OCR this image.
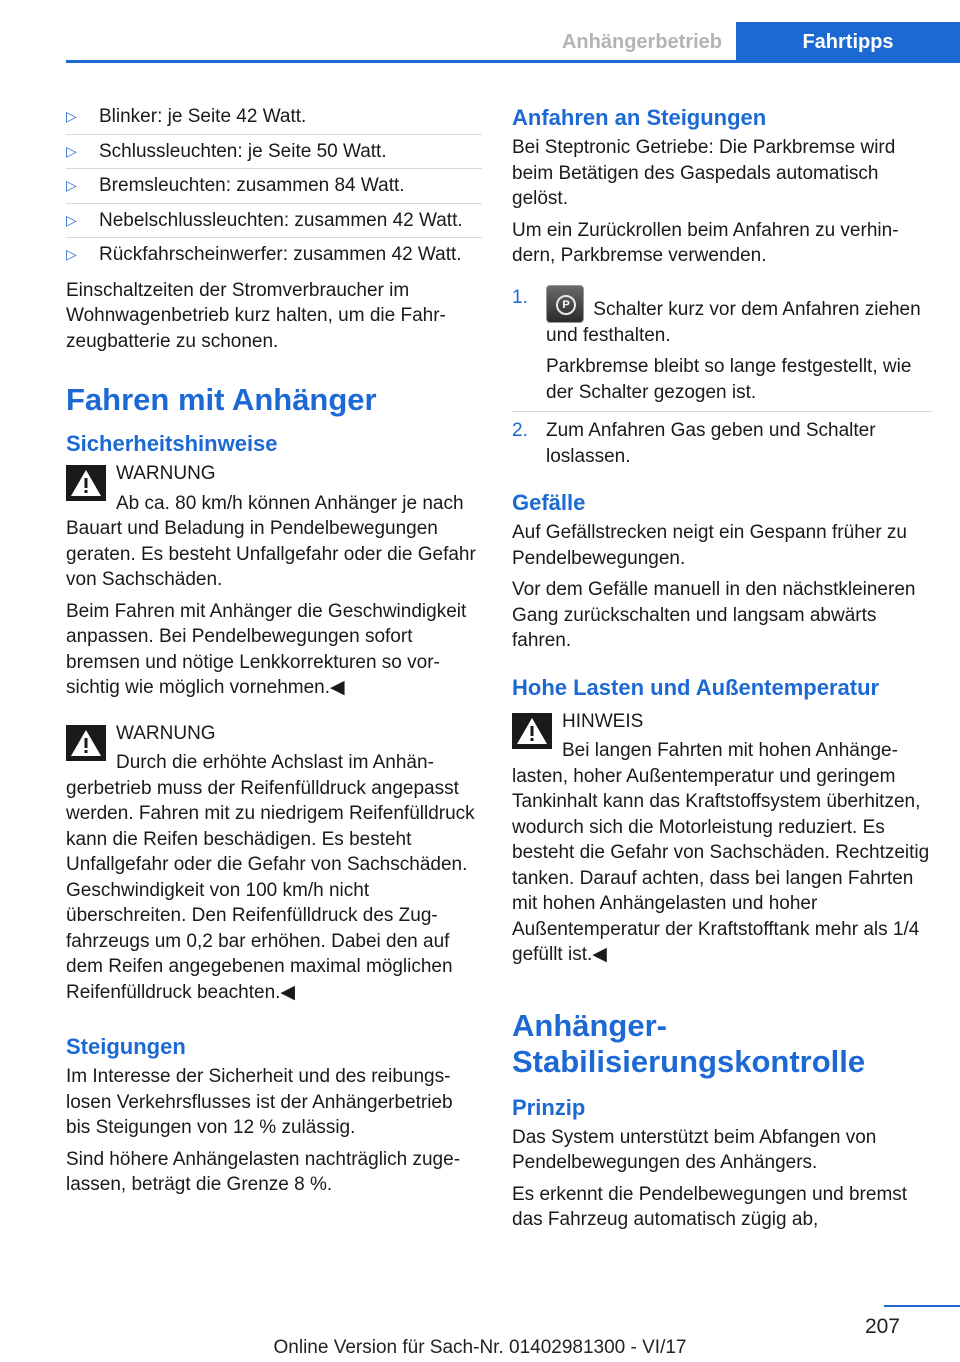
Anhängerbetrieb	Fahrtipps
▷ Blinker: je Seite 42 Watt.
▷ Schlussleuchten: je Seite 50 Watt.
▷ Bremsleuchten: zusammen 84 Watt.
▷ Nebelschlussleuchten: zusammen 42 Watt.
▷ Rückfahrscheinwerfer: zusammen 42 Watt.

Einschaltzeiten der Stromverbraucher im Wohnwagenbetrieb kurz halten, um die Fahrzeugbatterie zu schonen.

Fahren mit Anhänger
Sicherheitshinweise
WARNUNG

Ab ca. 80 km/h können Anhänger je nach Bauart und Beladung in Pendelbewegungen geraten. Es besteht Unfallgefahr oder die Gefahr von Sachschäden.

Beim Fahren mit Anhänger die Geschwindigkeit anpassen. Bei Pendelbewegungen sofort bremsen und nötige Lenkkorrekturen so vorsichtig wie möglich vornehmen.◀

WARNUNG

Durch die erhöhte Achslast im Anhängerbetrieb muss der Reifenfülldruck angepasst werden. Fahren mit zu niedrigem Reifenfülldruck kann die Reifen beschädigen. Es besteht Unfallgefahr oder die Gefahr von Sachschäden. Geschwindigkeit von 100 km/h nicht überschreiten. Den Reifenfülldruck des Zugfahrzeugs um 0,2 bar erhöhen. Dabei den auf dem Reifen angegebenen maximal möglichen Reifenfülldruck beachten.◀

Steigungen

Im Interesse der Sicherheit und des reibungslosen Verkehrsflusses ist der Anhängerbetrieb bis Steigungen von 12 % zulässig.

Sind höhere Anhängelasten nachträglich zugelassen, beträgt die Grenze 8 %.

Anfahren an Steigungen

Bei Steptronic Getriebe: Die Parkbremse wird beim Betätigen des Gaspedals automatisch gelöst.

Um ein Zurückrollen beim Anfahren zu verhindern, Parkbremse verwenden.

1.	P	Schalter kurz vor dem Anfahren ziehen und festhalten.
Parkbremse bleibt so lange festgestellt, wie der Schalter gezogen ist.
2. Zum Anfahren Gas geben und Schalter loslassen.
Gefälle

Auf Gefällstrecken neigt ein Gespann früher zu Pendelbewegungen.

Vor dem Gefälle manuell in den nächstkleineren Gang zurückschalten und langsam abwärts fahren.

Hohe Lasten und Außentemperatur
HINWEIS

Bei langen Fahrten mit hohen Anhängelasten, hoher Außentemperatur und geringem Tankinhalt kann das Kraftstoffsystem überhitzen, wodurch sich die Motorleistung reduziert. Es besteht die Gefahr von Sachschäden. Rechtzeitig tanken. Darauf achten, dass bei langen Fahrten mit hohen Anhängelasten und hoher Außentemperatur der Kraftstofftank mehr als 1/4 gefüllt ist.◀

Anhänger-Stabilisierungskontrolle
Prinzip

Das System unterstützt beim Abfangen von Pendelbewegungen des Anhängers.

Es erkennt die Pendelbewegungen und bremst das Fahrzeug automatisch zügig ab,

207
Online Version für Sach-Nr. 01402981300 - VI/17
